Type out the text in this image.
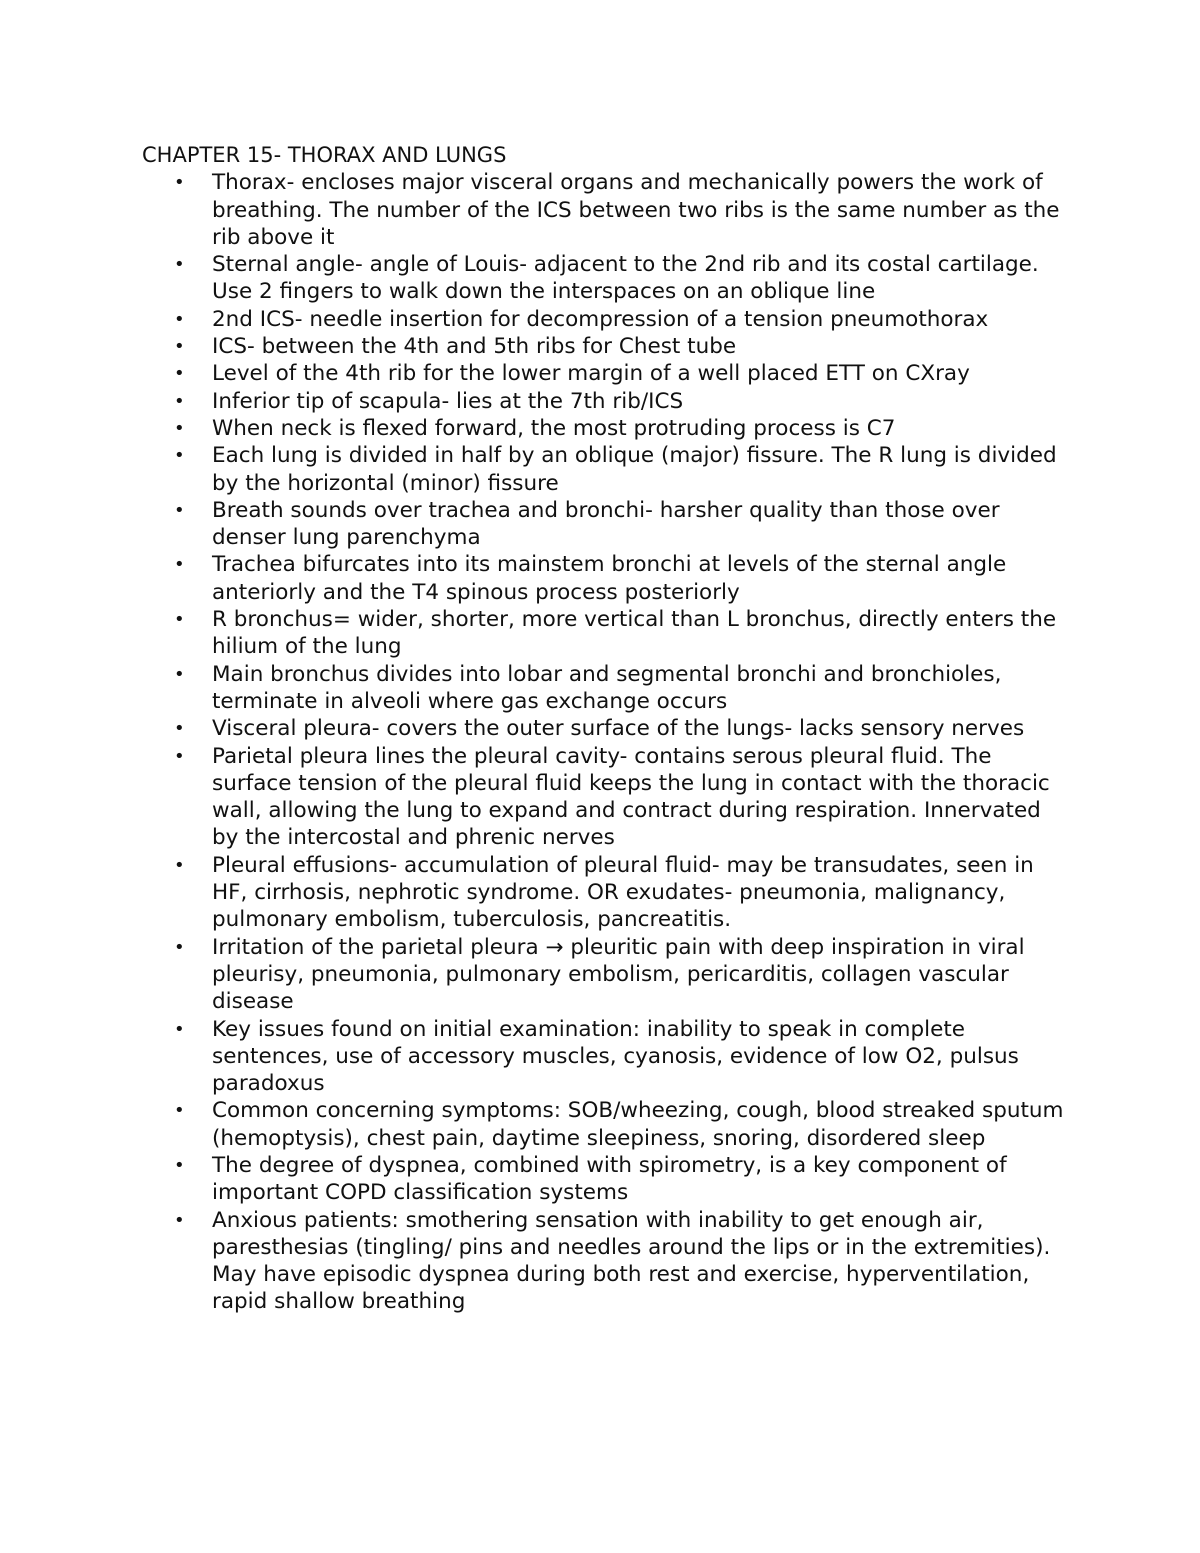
CHAPTER 15- THORAX AND LUNGS
• Thorax- encloses major visceral organs and mechanically powers the work of breathing. The number of the ICS between two ribs is the same number as the rib above it
• Sternal angle- angle of Louis- adjacent to the 2nd rib and its costal cartilage. Use 2 fingers to walk down the interspaces on an oblique line
• 2nd ICS- needle insertion for decompression of a tension pneumothorax
• ICS- between the 4th and 5th ribs for Chest tube
• Level of the 4th rib for the lower margin of a well placed ETT on CXray
• Inferior tip of scapula- lies at the 7th rib/ICS
• When neck is flexed forward, the most protruding process is C7
• Each lung is divided in half by an oblique (major) fissure. The R lung is divided by the horizontal (minor) fissure
• Breath sounds over trachea and bronchi- harsher quality than those over denser lung parenchyma
• Trachea bifurcates into its mainstem bronchi at levels of the sternal angle anteriorly and the T4 spinous process posteriorly
• R bronchus= wider, shorter, more vertical than L bronchus, directly enters the hilium of the lung
• Main bronchus divides into lobar and segmental bronchi and bronchioles, terminate in alveoli where gas exchange occurs
• Visceral pleura- covers the outer surface of the lungs- lacks sensory nerves
• Parietal pleura lines the pleural cavity- contains serous pleural fluid. The surface tension of the pleural fluid keeps the lung in contact with the thoracic wall, allowing the lung to expand and contract during respiration. Innervated by the intercostal and phrenic nerves
• Pleural effusions- accumulation of pleural fluid- may be transudates, seen in HF, cirrhosis, nephrotic syndrome. OR exudates- pneumonia, malignancy, pulmonary embolism, tuberculosis, pancreatitis.
• Irritation of the parietal pleura → pleuritic pain with deep inspiration in viral pleurisy, pneumonia, pulmonary embolism, pericarditis, collagen vascular disease
• Key issues found on initial examination: inability to speak in complete sentences, use of accessory muscles, cyanosis, evidence of low O2, pulsus paradoxus
• Common concerning symptoms: SOB/wheezing, cough, blood streaked sputum (hemoptysis), chest pain, daytime sleepiness, snoring, disordered sleep
• The degree of dyspnea, combined with spirometry, is a key component of important COPD classification systems
• Anxious patients: smothering sensation with inability to get enough air, paresthesias (tingling/ pins and needles around the lips or in the extremities). May have episodic dyspnea during both rest and exercise, hyperventilation, rapid shallow breathing
